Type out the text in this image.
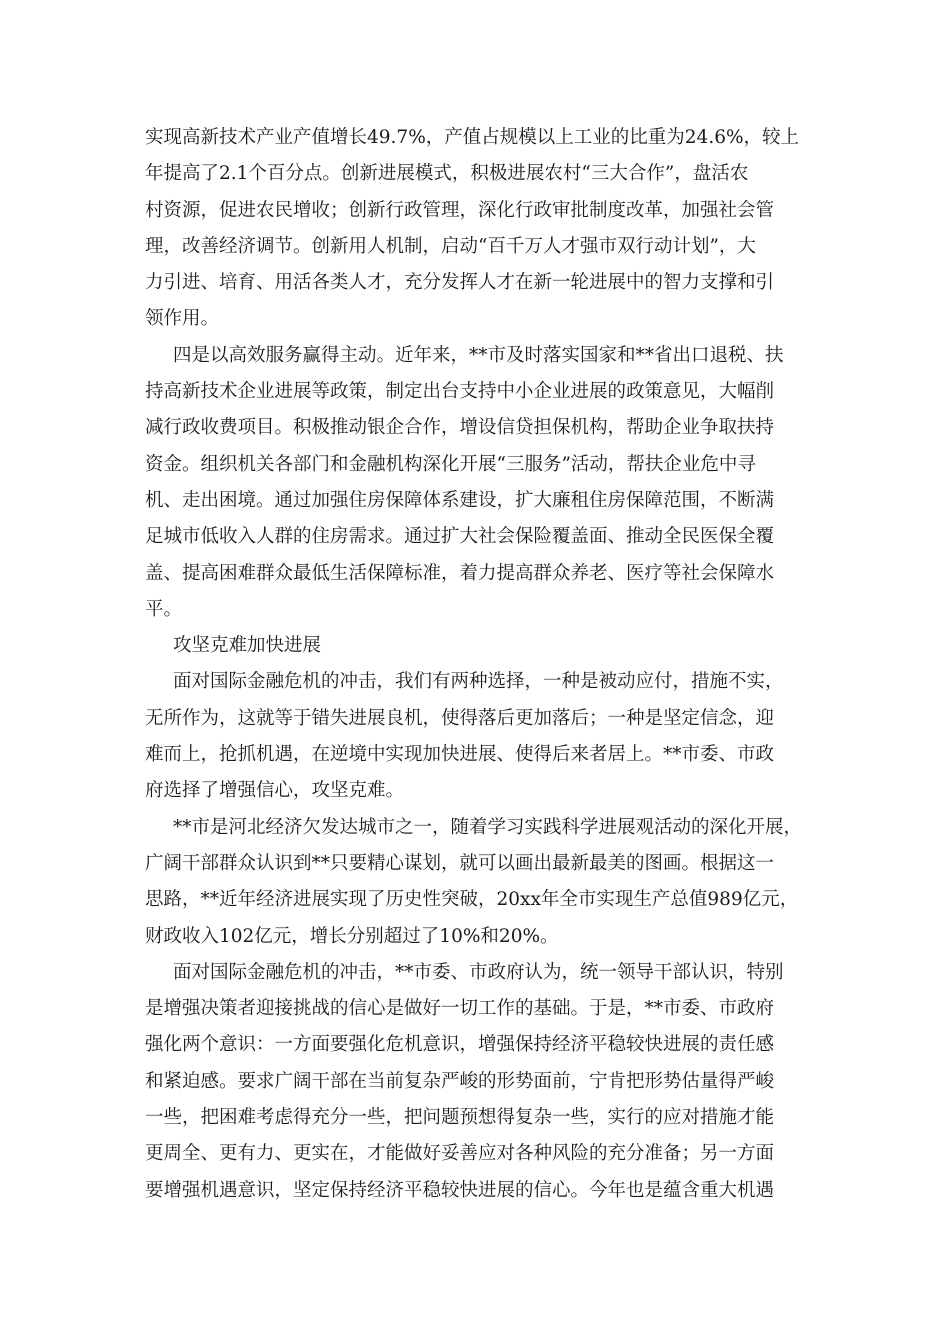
实现高新技术产业产值增长49.7%，产值占规模以上工业的比重为24.6%，较上
年提高了2.1个百分点。创新进展模式，积极进展农村“三大合作”，盘活农
村资源，促进农民增收；创新行政管理，深化行政审批制度改革，加强社会管
理，改善经济调节。创新用人机制，启动“百千万人才强市双行动计划”，大
力引进、培育、用活各类人才，充分发挥人才在新一轮进展中的智力支撑和引
领作用。
四是以高效服务赢得主动。近年来，**市及时落实国家和**省出口退税、扶
持高新技术企业进展等政策，制定出台支持中小企业进展的政策意见，大幅削
减行政收费项目。积极推动银企合作，增设信贷担保机构，帮助企业争取扶持
资金。组织机关各部门和金融机构深化开展“三服务”活动，帮扶企业危中寻
机、走出困境。通过加强住房保障体系建设，扩大廉租住房保障范围，不断满
足城市低收入人群的住房需求。通过扩大社会保险覆盖面、推动全民医保全覆
盖、提高困难群众最低生活保障标准，着力提高群众养老、医疗等社会保障水
平。
攻坚克难加快进展
面对国际金融危机的冲击，我们有两种选择，一种是被动应付，措施不实，
无所作为，这就等于错失进展良机，使得落后更加落后；一种是坚定信念，迎
难而上，抢抓机遇，在逆境中实现加快进展、使得后来者居上。**市委、市政
府选择了增强信心，攻坚克难。
**市是河北经济欠发达城市之一，随着学习实践科学进展观活动的深化开展，
广阔干部群众认识到**只要精心谋划，就可以画出最新最美的图画。根据这一
思路，**近年经济进展实现了历史性突破，20xx年全市实现生产总值989亿元，
财政收入102亿元，增长分别超过了10%和20%。
面对国际金融危机的冲击，**市委、市政府认为，统一领导干部认识，特别
是增强决策者迎接挑战的信心是做好一切工作的基础。于是，**市委、市政府
强化两个意识：一方面要强化危机意识，增强保持经济平稳较快进展的责任感
和紧迫感。要求广阔干部在当前复杂严峻的形势面前，宁肯把形势估量得严峻
一些，把困难考虑得充分一些，把问题预想得复杂一些，实行的应对措施才能
更周全、更有力、更实在，才能做好妥善应对各种风险的充分准备；另一方面
要增强机遇意识，坚定保持经济平稳较快进展的信心。今年也是蕴含重大机遇
